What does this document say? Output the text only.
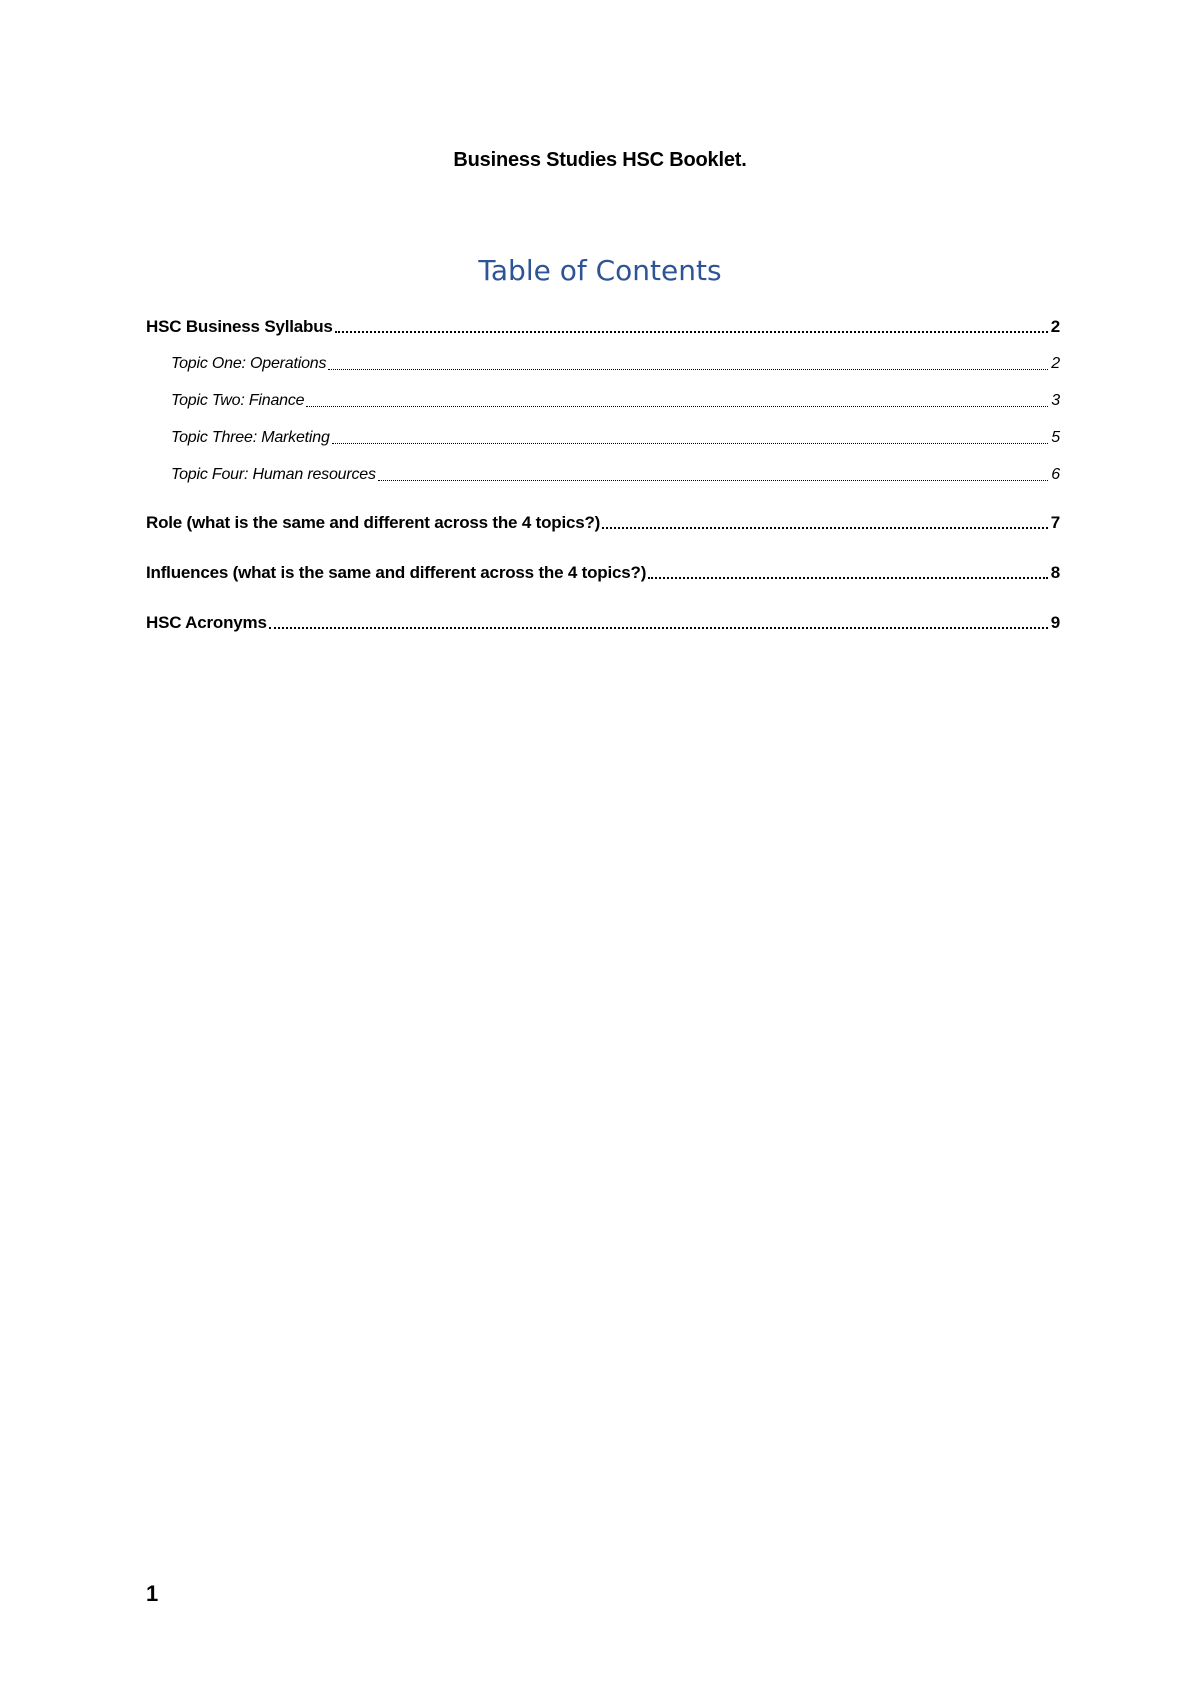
Business Studies HSC Booklet.
Table of Contents
HSC Business Syllabus	2
Topic One: Operations	2
Topic Two: Finance	3
Topic Three: Marketing	5
Topic Four: Human resources	6
Role (what is the same and different across the 4 topics?)	7
Influences (what is the same and different across the 4 topics?)	8
HSC Acronyms	9
1
